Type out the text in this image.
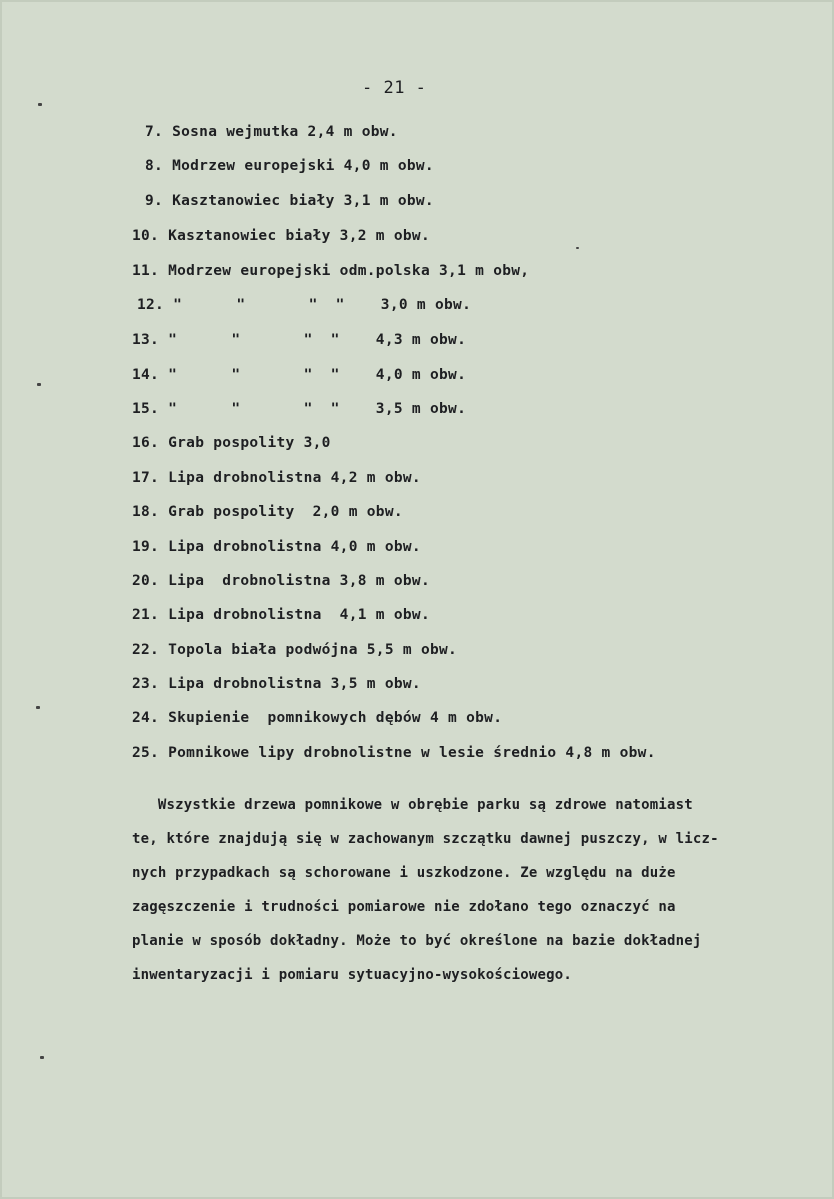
- 21 -
7. Sosna wejmutka 2,4 m obw.
8. Modrzew europejski 4,0 m obw.
9. Kasztanowiec biały 3,1 m obw.
10. Kasztanowiec biały 3,2 m obw.
11. Modrzew europejski odm.polska 3,1 m obw,
12. "      "       "  "    3,0 m obw.
13. "      "       "  "    4,3 m obw.
14. "      "       "  "    4,0 m obw.
15. "      "       "  "    3,5 m obw.
16. Grab pospolity 3,0
17. Lipa drobnolistna 4,2 m obw.
18. Grab pospolity  2,0 m obw.
19. Lipa drobnolistna 4,0 m obw.
20. Lipa  drobnolistna 3,8 m obw.
21. Lipa drobnolistna  4,1 m obw.
22. Topola biała podwójna 5,5 m obw.
23. Lipa drobnolistna 3,5 m obw.
24. Skupienie  pomnikowych dębów 4 m obw.
25. Pomnikowe lipy drobnolistne w lesie średnio 4,8 m obw.
Wszystkie drzewa pomnikowe w obrębie parku są zdrowe natomiast
te, które znajdują się w zachowanym szczątku dawnej puszczy, w licz-
nych przypadkach są schorowane i uszkodzone. Ze względu na duże
zagęszczenie i trudności pomiarowe nie zdołano tego oznaczyć na
planie w sposób dokładny. Może to być określone na bazie dokładnej
inwentaryzacji i pomiaru sytuacyjno-wysokościowego.
